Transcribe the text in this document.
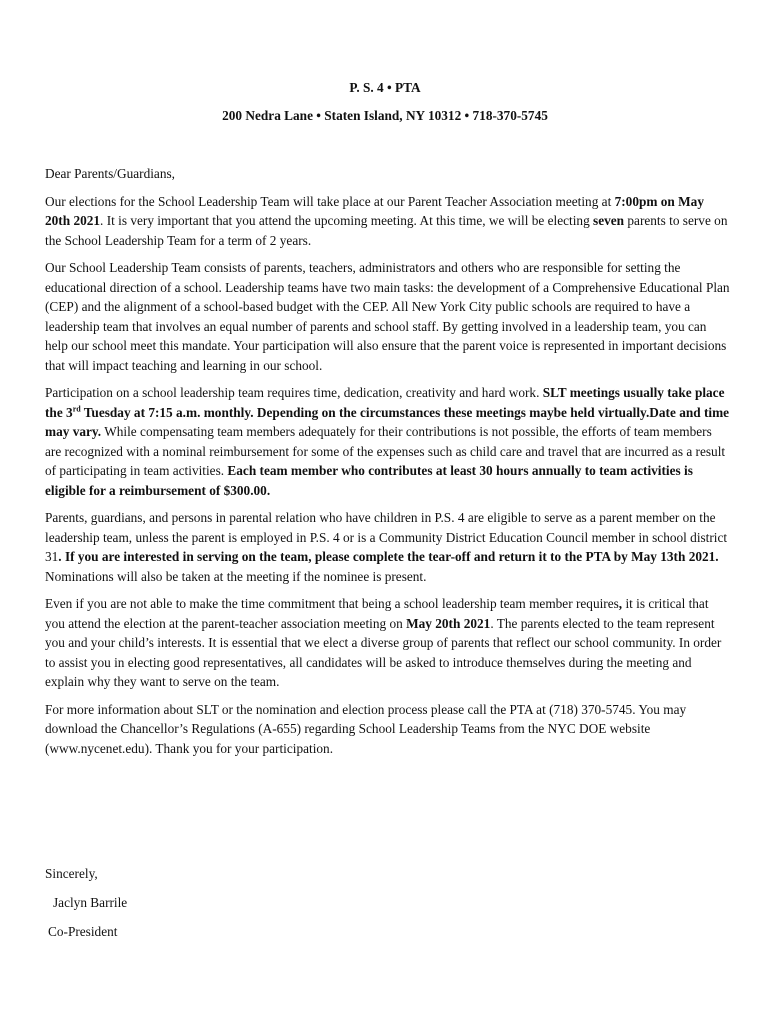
P. S. 4 • PTA
200 Nedra Lane • Staten Island, NY 10312 • 718-370-5745

Dear Parents/Guardians,

Our elections for the School Leadership Team will take place at our Parent Teacher Association meeting at 7:00pm on May 20th 2021. It is very important that you attend the upcoming meeting. At this time, we will be electing seven parents to serve on the School Leadership Team for a term of 2 years.

Our School Leadership Team consists of parents, teachers, administrators and others who are responsible for setting the educational direction of a school. Leadership teams have two main tasks: the development of a Comprehensive Educational Plan (CEP) and the alignment of a school-based budget with the CEP. All New York City public schools are required to have a leadership team that involves an equal number of parents and school staff. By getting involved in a leadership team, you can help our school meet this mandate. Your participation will also ensure that the parent voice is represented in important decisions that will impact teaching and learning in our school.

Participation on a school leadership team requires time, dedication, creativity and hard work. SLT meetings usually take place the 3rd Tuesday at 7:15 a.m. monthly. Depending on the circumstances these meetings maybe held virtually.Date and time may vary. While compensating team members adequately for their contributions is not possible, the efforts of team members are recognized with a nominal reimbursement for some of the expenses such as child care and travel that are incurred as a result of participating in team activities. Each team member who contributes at least 30 hours annually to team activities is eligible for a reimbursement of $300.00.

Parents, guardians, and persons in parental relation who have children in P.S. 4 are eligible to serve as a parent member on the leadership team, unless the parent is employed in P.S. 4 or is a Community District Education Council member in school district 31. If you are interested in serving on the team, please complete the tear-off and return it to the PTA by May 13th 2021. Nominations will also be taken at the meeting if the nominee is present.

Even if you are not able to make the time commitment that being a school leadership team member requires, it is critical that you attend the election at the parent-teacher association meeting on May 20th 2021. The parents elected to the team represent you and your child’s interests. It is essential that we elect a diverse group of parents that reflect our school community. In order to assist you in electing good representatives, all candidates will be asked to introduce themselves during the meeting and explain why they want to serve on the team.

For more information about SLT or the nomination and election process please call the PTA at (718) 370-5745. You may download the Chancellor’s Regulations (A-655) regarding School Leadership Teams from the NYC DOE website (www.nycenet.edu). Thank you for your participation.

Sincerely,
Jaclyn Barrile
Co-President
